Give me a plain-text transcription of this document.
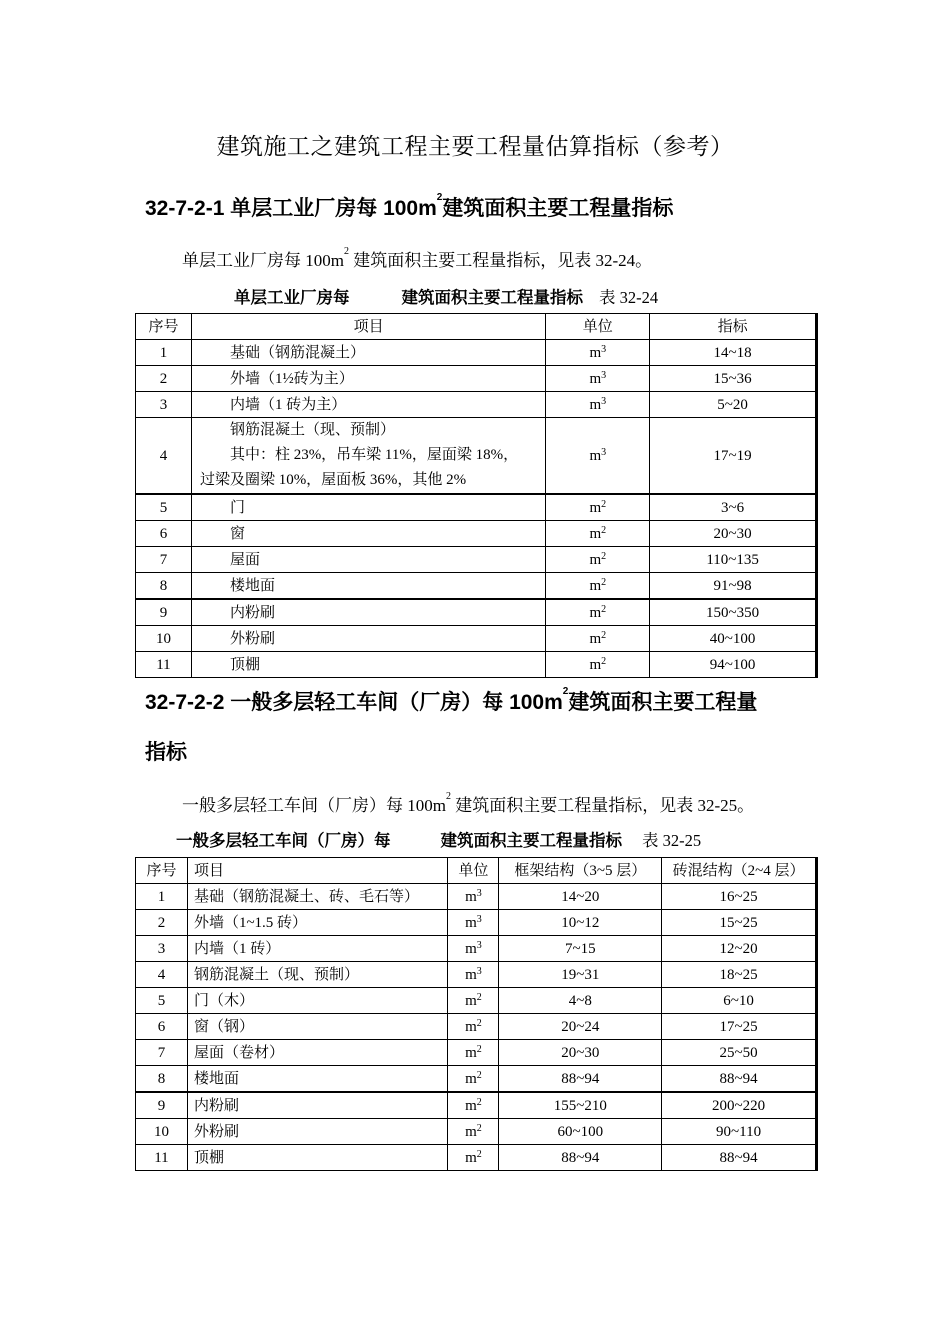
建筑施工之建筑工程主要工程量估算指标（参考）
32-7-2-1 单层工业厂房每 $100m^2$建筑面积主要工程量指标
单层工业厂房每 $100m^2$ 建筑面积主要工程量指标，见表 32-24。
单层工业厂房每	建筑面积主要工程量指标 表 32-24
序号	项目	单位	指标
1	基础（钢筋混凝土）	$m^3$	14~18
2	外墙（1½砖为主）	$m^3$	15~36
3	内墙（1 砖为主）	$m^3$	5~20
4	钢筋混凝土（现、预制）
其中：柱 23%，吊车梁 11%，屋面梁 18%，
过梁及圈梁 10%，屋面板 36%，其他 2%	$m^3$	17~19
5	门	$m^2$	3~6
6	窗	$m^2$	20~30
7	屋面	$m^2$	110~135
8	楼地面	$m^2$	91~98
9	内粉刷	$m^2$	150~350
10	外粉刷	$m^2$	40~100
11	顶棚	$m^2$	94~100
32-7-2-2 一般多层轻工车间（厂房）每 $100m^2$建筑面积主要工程量
指标
一般多层轻工车间（厂房）每 $100m^2$ 建筑面积主要工程量指标，见表 32-25。
一般多层轻工车间（厂房）每	建筑面积主要工程量指标 表 32-25
序号	项目	单位	框架结构（3~5 层）	砖混结构（2~4 层）
1	基础（钢筋混凝土、砖、毛石等）	$m^3$	14~20	16~25
2	外墙（1~1.5 砖）	$m^3$	10~12	15~25
3	内墙（1 砖）	$m^3$	7~15	12~20
4	钢筋混凝土（现、预制）	$m^3$	19~31	18~25
5	门（木）	$m^2$	4~8	6~10
6	窗（钢）	$m^2$	20~24	17~25
7	屋面（卷材）	$m^2$	20~30	25~50
8	楼地面	$m^2$	88~94	88~94
9	内粉刷	$m^2$	155~210	200~220
10	外粉刷	$m^2$	60~100	90~110
11	顶棚	$m^2$	88~94	88~94
